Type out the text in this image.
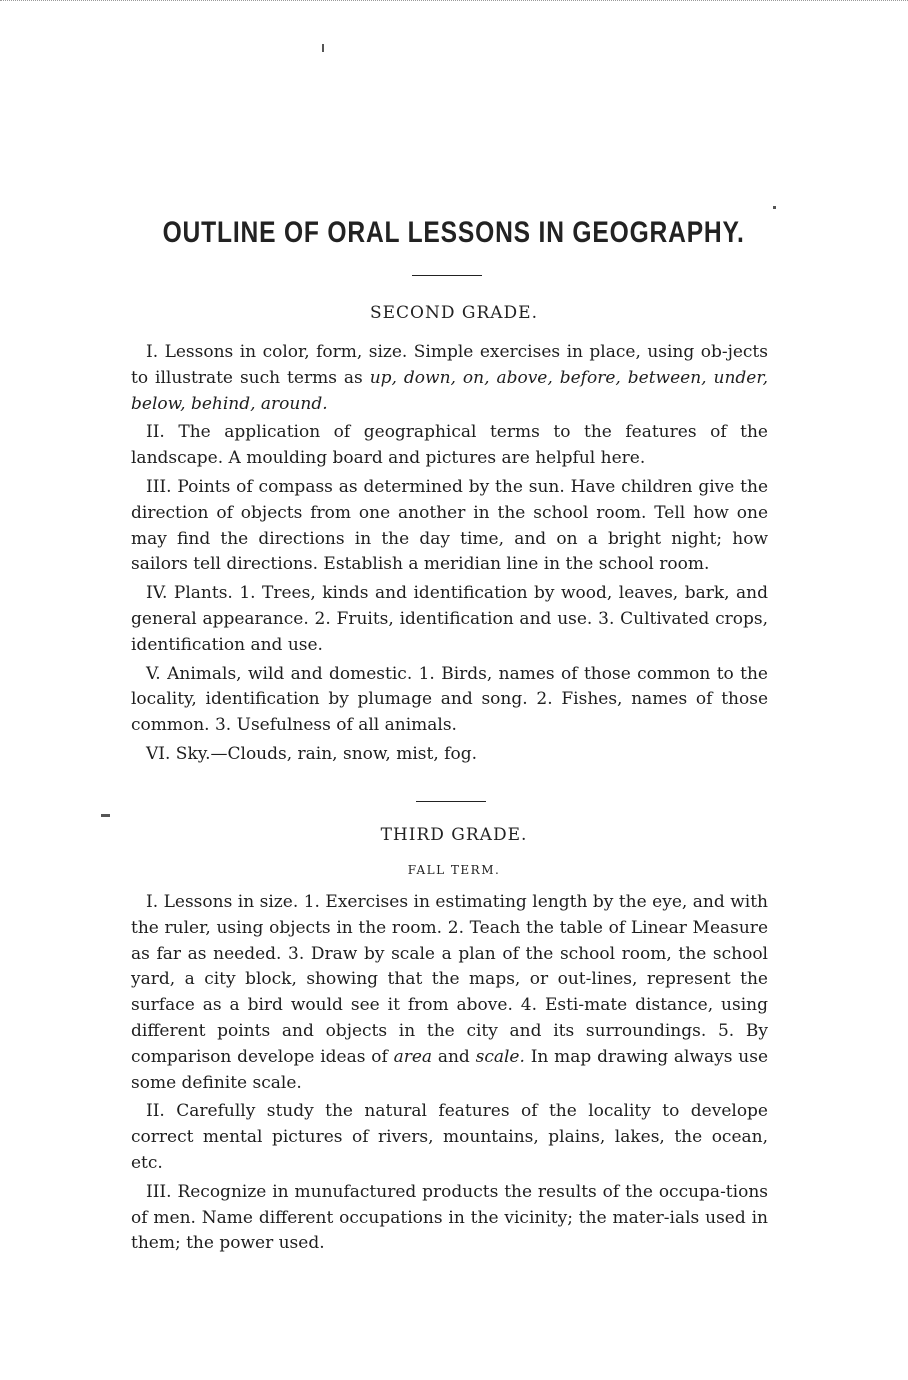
OUTLINE OF ORAL LESSONS IN GEOGRAPHY.
SECOND GRADE.

I. Lessons in color, form, size. Simple exercises in place, using ob-jects to illustrate such terms as up, down, on, above, before, between, under, below, behind, around.

II. The application of geographical terms to the features of the landscape. A moulding board and pictures are helpful here.

III. Points of compass as determined by the sun. Have children give the direction of objects from one another in the school room. Tell how one may find the directions in the day time, and on a bright night; how sailors tell directions. Establish a meridian line in the school room.

IV. Plants. 1. Trees, kinds and identification by wood, leaves, bark, and general appearance. 2. Fruits, identification and use. 3. Cultivated crops, identification and use.

V. Animals, wild and domestic. 1. Birds, names of those common to the locality, identification by plumage and song. 2. Fishes, names of those common. 3. Usefulness of all animals.

VI. Sky.—Clouds, rain, snow, mist, fog.

THIRD GRADE.
FALL TERM.

I. Lessons in size. 1. Exercises in estimating length by the eye, and with the ruler, using objects in the room. 2. Teach the table of Linear Measure as far as needed. 3. Draw by scale a plan of the school room, the school yard, a city block, showing that the maps, or out-lines, represent the surface as a bird would see it from above. 4. Esti-mate distance, using different points and objects in the city and its surroundings. 5. By comparison develope ideas of area and scale. In map drawing always use some definite scale.

II. Carefully study the natural features of the locality to develope correct mental pictures of rivers, mountains, plains, lakes, the ocean, etc.

III. Recognize in munufactured products the results of the occupa-tions of men. Name different occupations in the vicinity; the mater-ials used in them; the power used.
